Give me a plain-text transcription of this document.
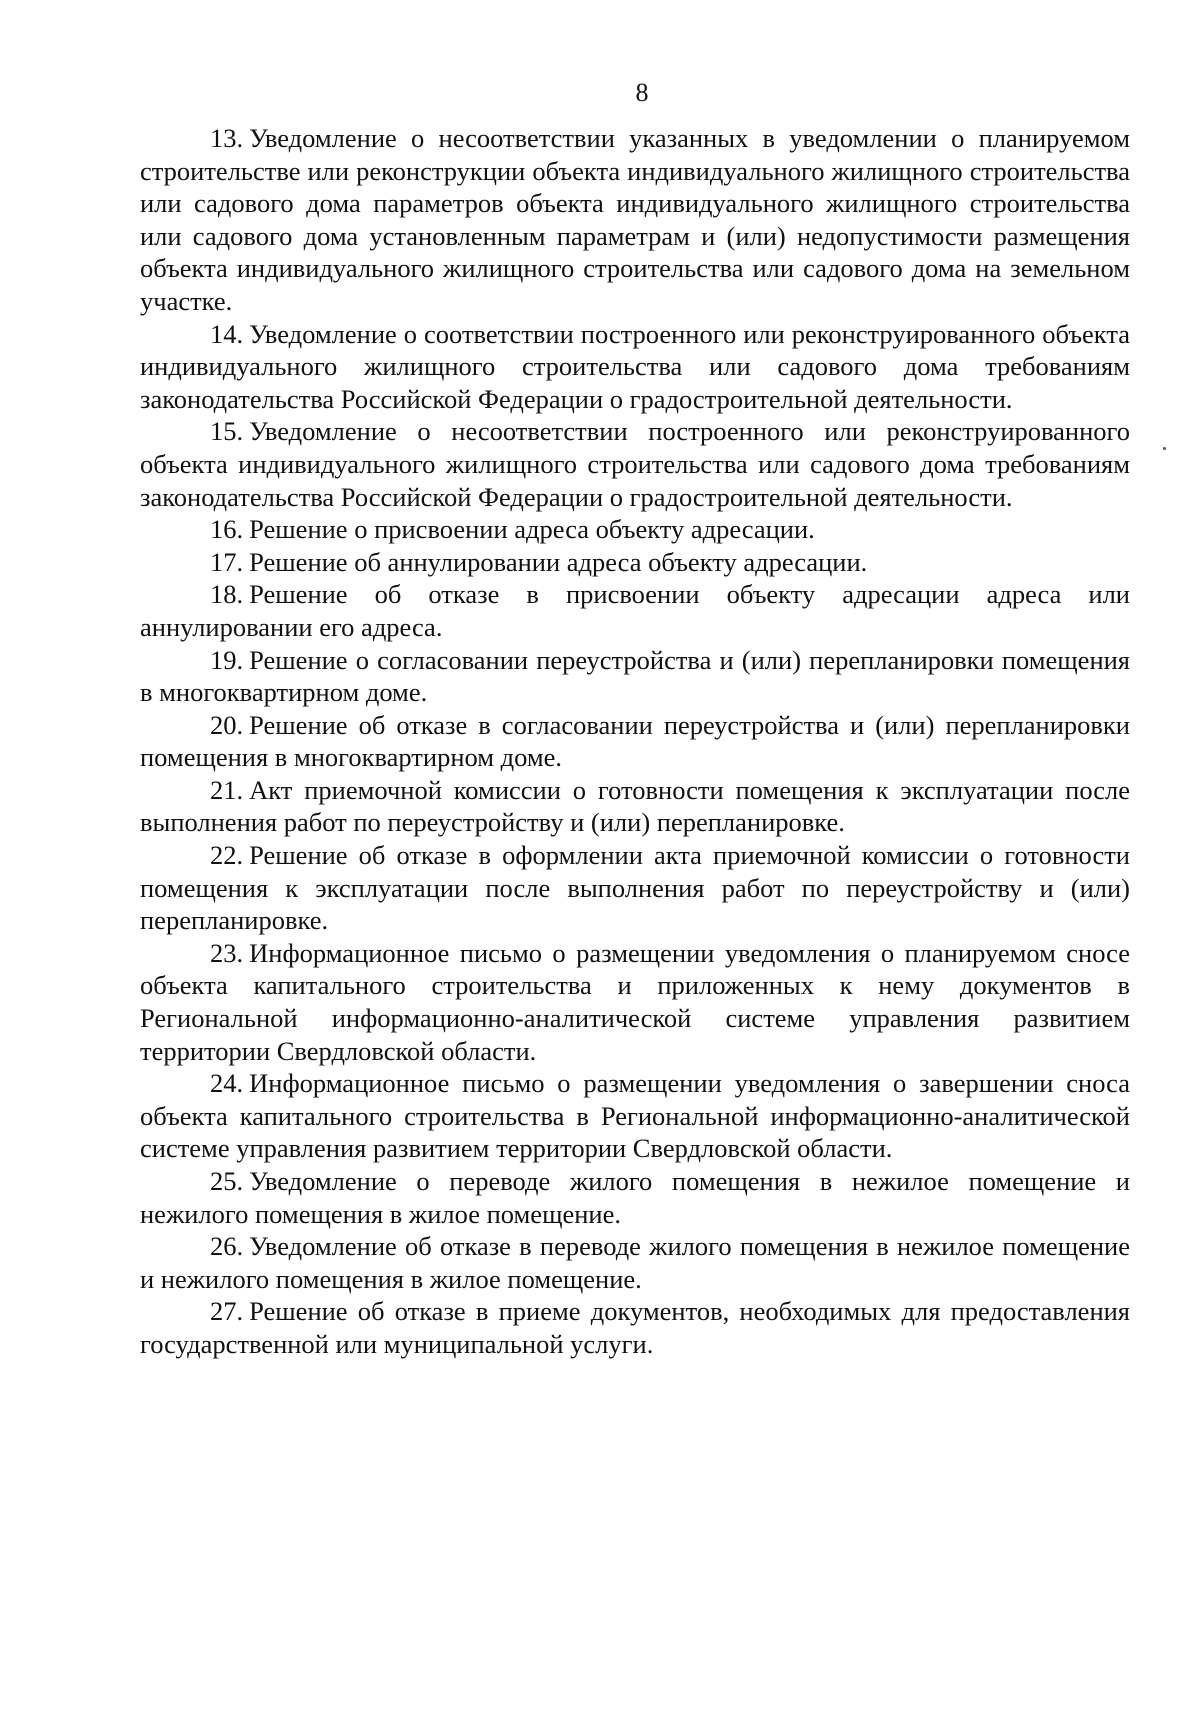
8

13. Уведомление о несоответствии указанных в уведомлении о планируемом строительстве или реконструкции объекта индивидуального жилищного строительства или садового дома параметров объекта индивидуального жилищного строительства или садового дома установленным параметрам и (или) недопустимости размещения объекта индивидуального жилищного строительства или садового дома на земельном участке.

14. Уведомление о соответствии построенного или реконструированного объекта индивидуального жилищного строительства или садового дома требованиям законодательства Российской Федерации о градостроительной деятельности.

15. Уведомление о несоответствии построенного или реконструированного объекта индивидуального жилищного строительства или садового дома требованиям законодательства Российской Федерации о градостроительной деятельности.

16. Решение о присвоении адреса объекту адресации.

17. Решение об аннулировании адреса объекту адресации.

18. Решение об отказе в присвоении объекту адресации адреса или аннулировании его адреса.

19. Решение о согласовании переустройства и (или) перепланировки помещения в многоквартирном доме.

20. Решение об отказе в согласовании переустройства и (или) перепланировки помещения в многоквартирном доме.

21. Акт приемочной комиссии о готовности помещения к эксплуатации после выполнения работ по переустройству и (или) перепланировке.

22. Решение об отказе в оформлении акта приемочной комиссии о готовности помещения к эксплуатации после выполнения работ по переустройству и (или) перепланировке.

23. Информационное письмо о размещении уведомления о планируемом сносе объекта капитального строительства и приложенных к нему документов в Региональной информационно-аналитической системе управления развитием территории Свердловской области.

24. Информационное письмо о размещении уведомления о завершении сноса объекта капитального строительства в Региональной информационно-аналитической системе управления развитием территории Свердловской области.

25. Уведомление о переводе жилого помещения в нежилое помещение и нежилого помещения в жилое помещение.

26. Уведомление об отказе в переводе жилого помещения в нежилое помещение и нежилого помещения в жилое помещение.

27. Решение об отказе в приеме документов, необходимых для предоставления государственной или муниципальной услуги.
